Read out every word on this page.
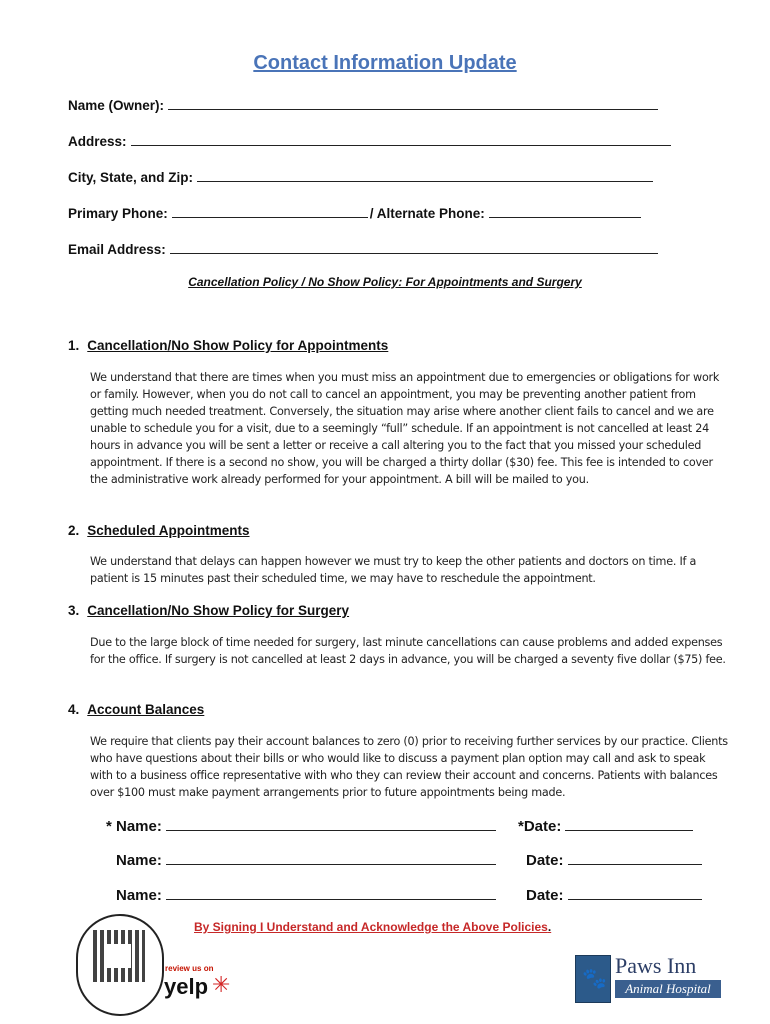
Contact Information Update
Name (Owner):
Address:
City, State, and Zip:
Primary Phone:	/ Alternate Phone:
Email Address:
Cancellation Policy / No Show Policy: For Appointments and Surgery
1. Cancellation/No Show Policy for Appointments
We understand that there are times when you must miss an appointment due to emergencies or obligations for work or family. However, when you do not call to cancel an appointment, you may be preventing another patient from getting much needed treatment. Conversely, the situation may arise where another client fails to cancel and we are unable to schedule you for a visit, due to a seemingly “full” schedule. If an appointment is not cancelled at least 24 hours in advance you will be sent a letter or receive a call altering you to the fact that you missed your scheduled appointment. If there is a second no show, you will be charged a thirty dollar ($30) fee. This fee is intended to cover the administrative work already performed for your appointment. A bill will be mailed to you.
2. Scheduled Appointments
We understand that delays can happen however we must try to keep the other patients and doctors on time. If a patient is 15 minutes past their scheduled time, we may have to reschedule the appointment.
3. Cancellation/No Show Policy for Surgery
Due to the large block of time needed for surgery, last minute cancellations can cause problems and added expenses for the office. If surgery is not cancelled at least 2 days in advance, you will be charged a seventy five dollar ($75) fee.
4. Account Balances
We require that clients pay their account balances to zero (0) prior to receiving further services by our practice. Clients who have questions about their bills or who would like to discuss a payment plan option may call and ask to speak with to a business office representative with who they can review their account and concerns. Patients with balances over $100 must make payment arrangements prior to future appointments being made.
* Name:	*Date:
Name:	Date:
Name:	Date:
By Signing I Understand and Acknowledge the Above Policies.
review us on
yelp ✳	🐾
Paws Inn
Animal Hospital
